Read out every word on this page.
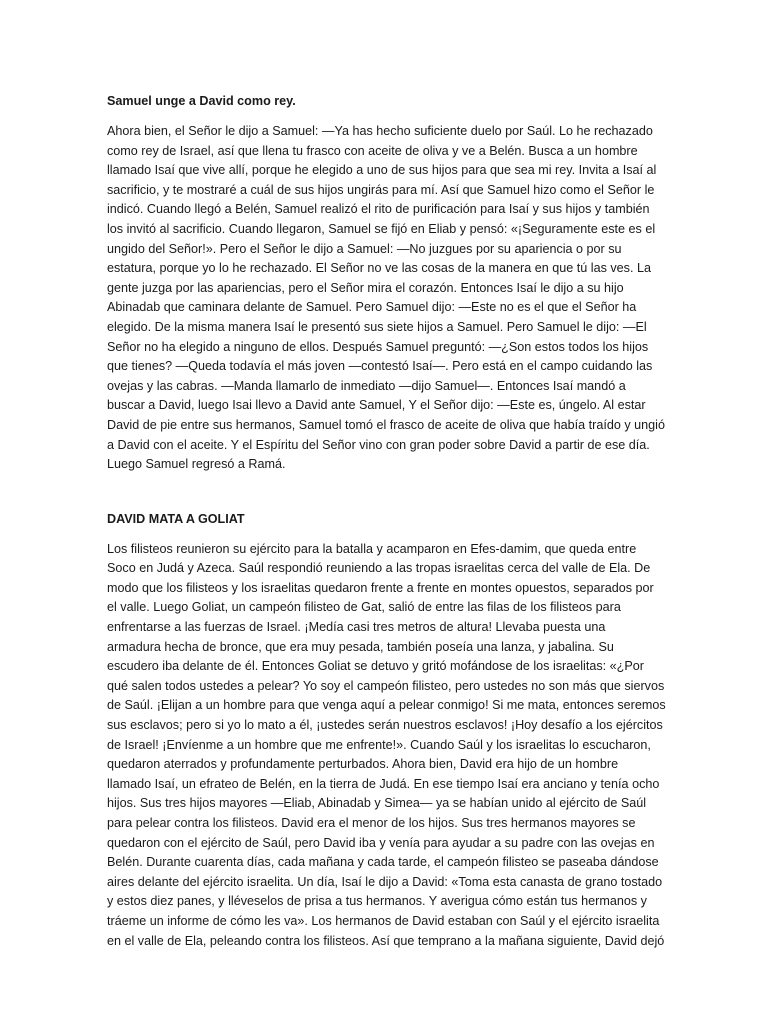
Samuel unge a David como rey.
Ahora bien, el Señor le dijo a Samuel: —Ya has hecho suficiente duelo por Saúl. Lo he rechazado
como rey de Israel, así que llena tu frasco con aceite de oliva y ve a Belén. Busca a un hombre
llamado Isaí que vive allí, porque he elegido a uno de sus hijos para que sea mi rey. Invita a Isaí al
sacrificio, y te mostraré a cuál de sus hijos ungirás para mí. Así que Samuel hizo como el Señor le
indicó. Cuando llegó a Belén, Samuel realizó el rito de purificación para Isaí y sus hijos y también
los invitó al sacrificio. Cuando llegaron, Samuel se fijó en Eliab y pensó: «¡Seguramente este es el
ungido del Señor!». Pero el Señor le dijo a Samuel: —No juzgues por su apariencia o por su
estatura, porque yo lo he rechazado. El Señor no ve las cosas de la manera en que tú las ves. La
gente juzga por las apariencias, pero el Señor mira el corazón. Entonces Isaí le dijo a su hijo
Abinadab que caminara delante de Samuel. Pero Samuel dijo: —Este no es el que el Señor ha
elegido. De la misma manera Isaí le presentó sus siete hijos a Samuel. Pero Samuel le dijo: —El
Señor no ha elegido a ninguno de ellos. Después Samuel preguntó: —¿Son estos todos los hijos
que tienes? —Queda todavía el más joven —contestó Isaí—. Pero está en el campo cuidando las
ovejas y las cabras. —Manda llamarlo de inmediato —dijo Samuel—. Entonces Isaí mandó a
buscar a David, luego Isai llevo a David ante Samuel, Y el Señor dijo: —Este es, úngelo. Al estar
David de pie entre sus hermanos, Samuel tomó el frasco de aceite de oliva que había traído y ungió
a David con el aceite. Y el Espíritu del Señor vino con gran poder sobre David a partir de ese día.
Luego Samuel regresó a Ramá.
DAVID MATA A GOLIAT
Los filisteos reunieron su ejército para la batalla y acamparon en Efes-damim, que queda entre
Soco en Judá y Azeca. Saúl respondió reuniendo a las tropas israelitas cerca del valle de Ela. De
modo que los filisteos y los israelitas quedaron frente a frente en montes opuestos, separados por
el valle. Luego Goliat, un campeón filisteo de Gat, salió de entre las filas de los filisteos para
enfrentarse a las fuerzas de Israel. ¡Medía casi tres metros de altura! Llevaba puesta una
armadura hecha de bronce, que era muy pesada, también poseía una lanza, y jabalina. Su
escudero iba delante de él. Entonces Goliat se detuvo y gritó mofándose de los israelitas: «¿Por
qué salen todos ustedes a pelear? Yo soy el campeón filisteo, pero ustedes no son más que siervos
de Saúl. ¡Elijan a un hombre para que venga aquí a pelear conmigo! Si me mata, entonces seremos
sus esclavos; pero si yo lo mato a él, ¡ustedes serán nuestros esclavos! ¡Hoy desafío a los ejércitos
de Israel! ¡Envíenme a un hombre que me enfrente!». Cuando Saúl y los israelitas lo escucharon,
quedaron aterrados y profundamente perturbados. Ahora bien, David era hijo de un hombre
llamado Isaí, un efrateo de Belén, en la tierra de Judá. En ese tiempo Isaí era anciano y tenía ocho
hijos. Sus tres hijos mayores —Eliab, Abinadab y Simea— ya se habían unido al ejército de Saúl
para pelear contra los filisteos. David era el menor de los hijos. Sus tres hermanos mayores se
quedaron con el ejército de Saúl, pero David iba y venía para ayudar a su padre con las ovejas en
Belén. Durante cuarenta días, cada mañana y cada tarde, el campeón filisteo se paseaba dándose
aires delante del ejército israelita. Un día, Isaí le dijo a David: «Toma esta canasta de grano tostado
y estos diez panes, y lléveselos de prisa a tus hermanos. Y averigua cómo están tus hermanos y
tráeme un informe de cómo les va». Los hermanos de David estaban con Saúl y el ejército israelita
en el valle de Ela, peleando contra los filisteos. Así que temprano a la mañana siguiente, David dejó
